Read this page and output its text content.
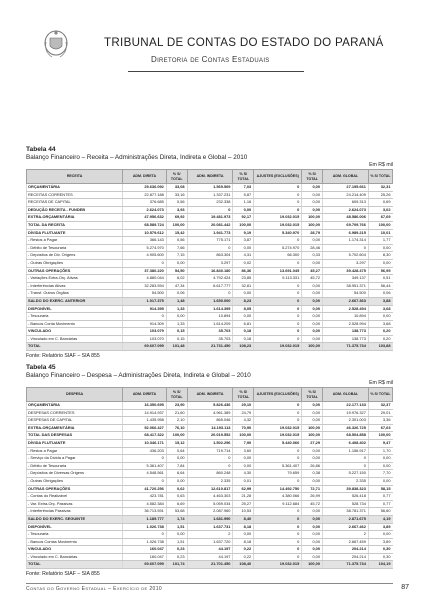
TRIBUNAL DE CONTAS DO ESTADO DO PARANÁ
Diretoria de Contas Estaduais
Tabela 44
Balanço Financeiro – Receita – Administrações Direta, Indireta e Global – 2010
Em R$ mil
RECEITA	ADM. DIRETA	% S/ TOTAL	ADM. INDIRETA	% S/ TOTAL	AJUSTES (EXCLUSÕES)	% S/ TOTAL	ADM. GLOBAL	% S/ TOTAL
ORÇAMENTÁRIA	25.636.092	33,08	1.569.569	7,03	0	0,00	27.195.661	32,31
RECEITAS CORRENTES	22.877.188	33,16	1.337.231	5,87	0	0,00	24.214.409	25,26
RECEITAS DE CAPITAL	376.685	0,56	232.338	1,16	0	0,00	609.313	0,69
DEDUÇÃO RECEITA - FUNDEB	2.624.073	3,93	0	0,00	0	0,00	2.624.073	3,02
EXTRA-ORÇAMENTÁRIA	47.956.632	69,92	19.481.973	92,17	19.032.015	100,00	48.586.006	67,69
TOTAL DA RECEITA	68.589.724	100,00	20.081.442	100,00	19.032.015	100,00	69.709.766	100,00
DÍVIDA FLUTUANTE	10.579.612	15,42	1.941.773	9,19	5.340.970	28,79	6.989.215	10,01
- Restos a Pagar	366.143	0,56	775.171	3,87	0	0,00	1.174.314	1,77
- Débito de Tesouraria	5.274.970	7,66	0	0,00	5.274.970	28,46	0	0,00
- Depósitos de Div. Origens	4.905.600	7,15	863.304	4,31	66.300	0,33	5.702.604	8,30
- Outras Obrigações	0	0,00	3.297	0,02	0	0,00	3.297	0,00
OUTRAS OPERAÇÕES	37.380.220	54,50	16.840.180	86,36	13.691.045	45,27	39.428.475	56,95
- Variações Extra-Orç. Ativas	4.880.044	6,02	4.792.424	23,85	9.113.331	45,72	349.137	0,51
- Interferências Ativas	32.283.594	47,34	6.617.777	32,81	0	0,00	38.951.371	56,44
- Transf. Outros Órgãos	54.500	0,06	0	0,00	0	0,00	54.500	0,06
SALDO DO EXERC. ANTERIOR	1.017.375	1,48	1.650.000	8,23	0	0,00	2.667.363	3,88
DISPONÍVEL	914.395	1,33	1.614.395	8,05	0	0,00	2.528.494	3,68
- Tesouraria	0	0,00	10.894	0,00	0	0,00	10.894	0,00
- Bancos Conta Movimento	914.309	1,33	1.614.209	6,81	0	0,00	2.528.994	3,68
VINCULADO	103.079	0,15	35.703	0,18	0	0,00	138.773	0,20
- Vinculado em C. Bancárias	103.070	0,15	35.703	0,18	0	0,00	138.773	0,20
TOTAL	69.607.099	101,48	21.731.450	108,23	19.032.015	100,00	71.375.734	103,88
Fonte: Relatório SIAF – SIA 855
Tabela 45
Balanço Financeiro – Despesa – Administrações Direta, Indireta e Global – 2010
Em R$ mil
DESPESA	ADM. DIRETA	% S/ TOTAL	ADM. INDIRETA	% S/ TOTAL	AJUSTES (EXCLUSÕES)	% S/ TOTAL	ADM. GLOBAL	% S/ TOTAL
ORÇAMENTÁRIA	16.350.695	23,90	5.826.436	29,10	0	0,00	22.177.133	32,37
DESPESAS CORRENTES	14.914.937	21,60	4.961.389	24,79	0	0,00	19.976.327	29,01
DESPESAS DE CAPITAL	1.435.958	2,10	865.046	4,32	0	0,00	2.301.003	3,36
EXTRA-ORÇAMENTÁRIA	52.066.427	76,10	14.193.113	70,90	19.032.015	100,00	46.326.725	67,63
TOTAL DAS DESPESAS	68.417.322	100,00	20.019.552	100,00	19.032.015	100,00	68.504.858	100,00
DÍVIDA FLUTUANTE	10.346.171	15,12	1.502.296	7,90	5.440.066	27,29	6.408.402	9,47
- Restos a Pagar	436.203	0,64	719.714	3,60	0	0,00	1.156.917	1,70
- Serviço da Dívida a Pagar	0	0,00	0	0,00	0	0,00	0	0,00
- Débito de Tesouraria	5.361.407	7,84	0	0,00	5.361.407	26,86	0	0,00
- Depósitos de Diversas Origens	4.548.561	6,64	860.248	4,30	79.659	0,38	5.227.150	7,70
- Outras Obrigações	0	0,00	2.335	0,01	0	0,00	2.335	0,00
OUTRAS OPERAÇÕES	41.720.256	0,62	12.610.817	62,99	14.492.750	72,71	39.838.323	58,15
- Contas do Realizável	423.781	0,63	4.463.303	21,28	4.380.066	26,99	526.418	0,77
- Var. Extra-Orç. Passivas	4.582.384	6,69	5.059.034	25,27	9.112.684	45,72	528.734	0,77
- Interferências Passivas	36.713.591	53,68	2.087.960	10,53	0	0,00	38.781.371	56,60
SALDO DO EXERC. SEGUINTE	1.189.777	1,74	1.681.990	8,40	0	0,00	2.871.675	4,19
DISPONÍVEL	1.026.738	1,51	1.637.731	8,18	0	0,00	2.667.462	3,89
- Tesouraria	0	0,00	2	0,00	0	0,00	2	0,00
- Bancos Contas Movimento	1.026.738	1,51	1.637.720	8,18	0	0,00	2.667.459	3,89
VINCULADO	160.047	0,23	44.197	0,22	0	0,00	204.214	0,30
- Vinculado em C. Bancárias	160.047	0,23	44.197	0,22	0	0,00	204.214	0,30
TOTAL	69.607.099	101,74	21.701.450	108,40	19.032.015	100,00	71.375.734	104,19
Fonte: Relatório SIAF – SIA 855
Contas do Governo Estadual – Exercício de 2010	87
